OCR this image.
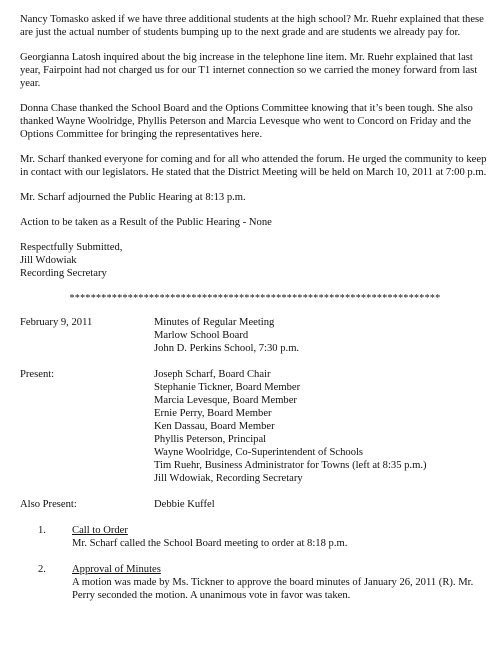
Nancy Tomasko asked if we have three additional students at the high school? Mr. Ruehr explained that these are just the actual number of students bumping up to the next grade and are students we already pay for.

Georgianna Latosh inquired about the big increase in the telephone line item. Mr. Ruehr explained that last year, Fairpoint had not charged us for our T1 internet connection so we carried the money forward from last year.

Donna Chase thanked the School Board and the Options Committee knowing that it’s been tough. She also thanked Wayne Woolridge, Phyllis Peterson and Marcia Levesque who went to Concord on Friday and the Options Committee for bringing the representatives here.

Mr. Scharf thanked everyone for coming and for all who attended the forum. He urged the community to keep in contact with our legislators. He stated that the District Meeting will be held on March 10, 2011 at 7:00 p.m.

Mr. Scharf adjourned the Public Hearing at 8:13 p.m.

Action to be taken as a Result of the Public Hearing - None

Respectfully Submitted,

Jill Wdowiak

Recording Secretary

**********************************************************************

February 9, 2011	Minutes of Regular Meeting

Marlow School Board

John D. Perkins School, 7:30 p.m.

Present:	Joseph Scharf, Board Chair

Stephanie Tickner, Board Member

Marcia Levesque, Board Member

Ernie Perry, Board Member

Ken Dassau, Board Member

Phyllis Peterson, Principal

Wayne Woolridge, Co-Superintendent of Schools

Tim Ruehr, Business Administrator for Towns (left at 8:35 p.m.)

Jill Wdowiak, Recording Secretary

Also Present:	Debbie Kuffel
1.	Call to Order

Mr. Scharf called the School Board meeting to order at 8:18 p.m.

2.	Approval of Minutes

A motion was made by Ms. Tickner to approve the board minutes of January 26, 2011 (R). Mr. Perry seconded the motion. A unanimous vote in favor was taken.
